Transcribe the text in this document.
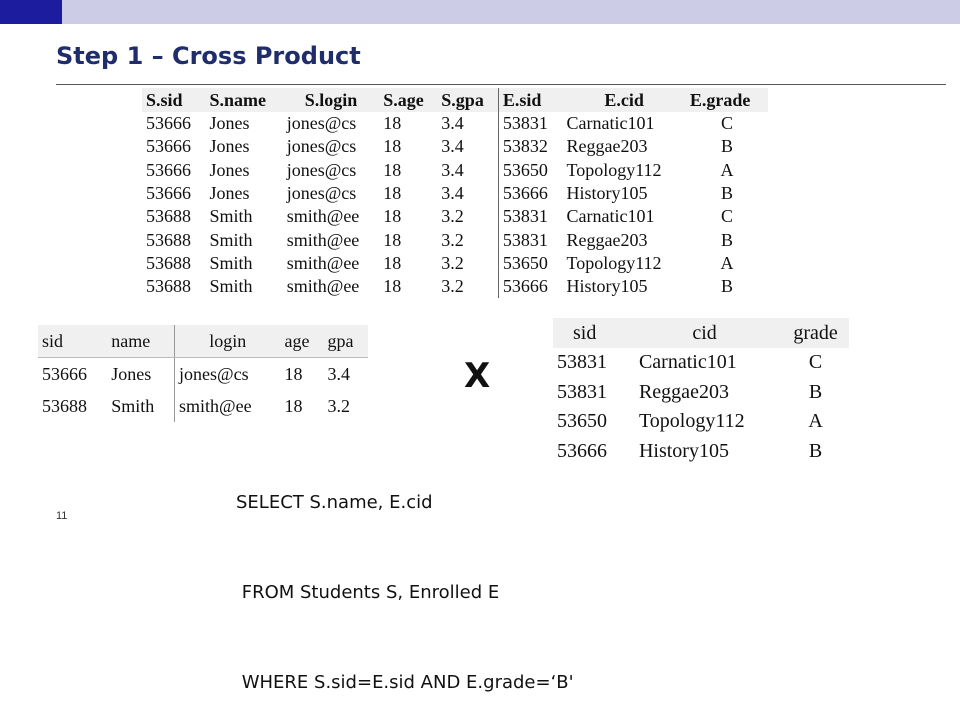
Step 1 – Cross Product
S.sid	S.name	S.login	S.age	S.gpa	E.sid	E.cid	E.grade
53666	Jones	jones@cs	18	3.4	53831	Carnatic101	C
53666	Jones	jones@cs	18	3.4	53832	Reggae203	B
53666	Jones	jones@cs	18	3.4	53650	Topology112	A
53666	Jones	jones@cs	18	3.4	53666	History105	B
53688	Smith	smith@ee	18	3.2	53831	Carnatic101	C
53688	Smith	smith@ee	18	3.2	53831	Reggae203	B
53688	Smith	smith@ee	18	3.2	53650	Topology112	A
53688	Smith	smith@ee	18	3.2	53666	History105	B
sid	name	login	age	gpa
53666	Jones	jones@cs	18	3.4
53688	Smith	smith@ee	18	3.2
X
sid	cid	grade
53831	Carnatic101	C
53831	Reggae203	B
53650	Topology112	A
53666	History105	B

SELECT S.name, E.cid

FROM Students S, Enrolled E

WHERE S.sid=E.sid AND E.grade=‘B'

11
